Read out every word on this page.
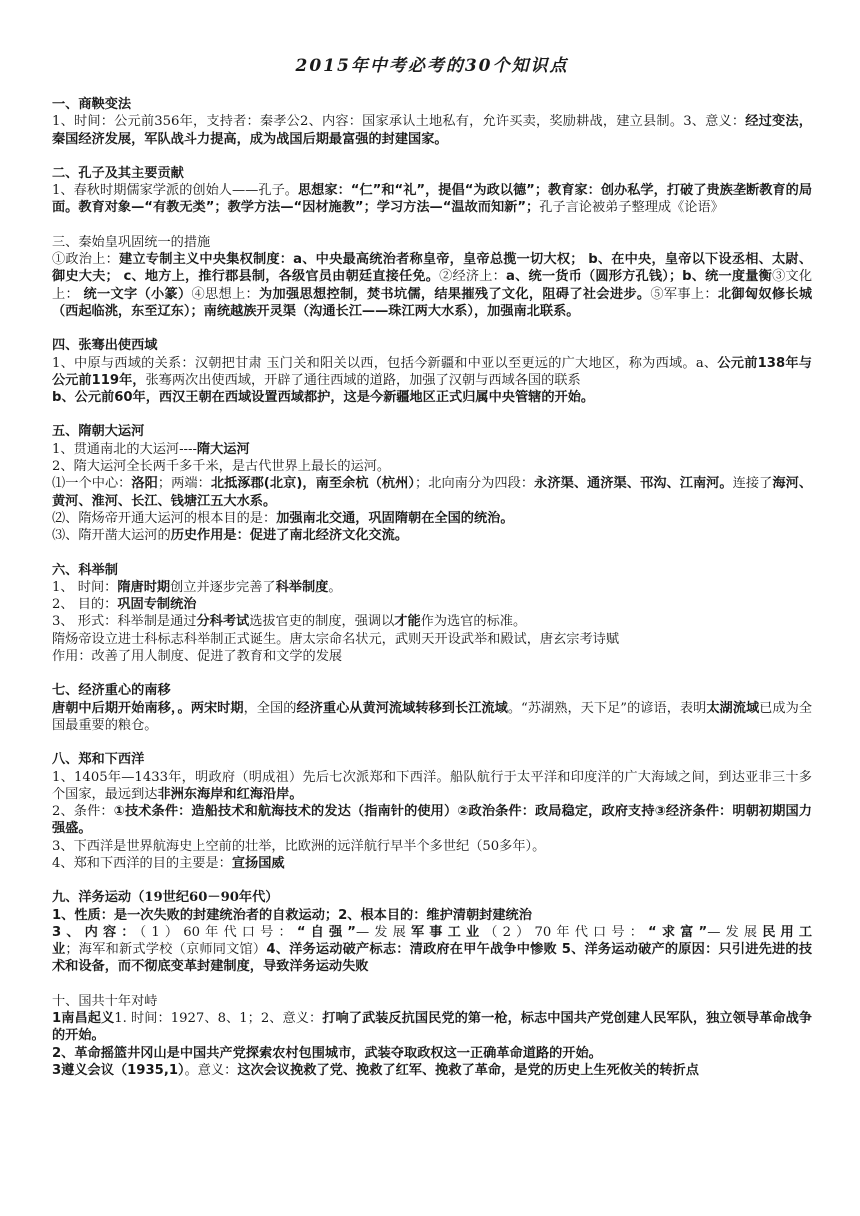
2015年中考必考的30个知识点
一、商鞅变法

1、时间：公元前356年，支持者：秦孝公2、内容：国家承认土地私有，允许买卖，奖励耕战，建立县制。3、意义：经过变法，秦国经济发展，军队战斗力提高，成为战国后期最富强的封建国家。

二、孔子及其主要贡献

1、春秋时期儒家学派的创始人——孔子。思想家：“仁”和“礼”，提倡“为政以德”；教育家：创办私学，打破了贵族垄断教育的局面。教育对象—“有教无类”；教学方法—“因材施教”；学习方法—“温故而知新”；孔子言论被弟子整理成《论语》

三、秦始皇巩固统一的措施

①政治上：建立专制主义中央集权制度：a、中央最高统治者称皇帝，皇帝总揽一切大权； b、在中央，皇帝以下设丞相、太尉、御史大夫； c、地方上，推行郡县制，各级官员由朝廷直接任免。②经济上：a、统一货币（圆形方孔钱）；b、统一度量衡③文化上： 统一文字（小篆）④思想上：为加强思想控制，焚书坑儒，结果摧残了文化，阻碍了社会进步。⑤军事上：北御匈奴修长城（西起临洮，东至辽东）；南统越族开灵渠（沟通长江——珠江两大水系），加强南北联系。

四、张骞出使西域

1、中原与西域的关系：汉朝把甘肃 玉门关和阳关以西，包括今新疆和中亚以至更远的广大地区，称为西域。a、公元前138年与公元前119年，张骞两次出使西域，开辟了通往西域的道路，加强了汉朝与西域各国的联系

b、公元前60年，西汉王朝在西域设置西域都护，这是今新疆地区正式归属中央管辖的开始。

五、隋朝大运河

1、贯通南北的大运河----隋大运河

2、隋大运河全长两千多千米，是古代世界上最长的运河。

⑴一个中心：洛阳；两端：北抵涿郡(北京)，南至余杭（杭州）；北向南分为四段：永济渠、通济渠、邗沟、江南河。连接了海河、黄河、淮河、长江、钱塘江五大水系。

⑵、隋炀帝开通大运河的根本目的是：加强南北交通，巩固隋朝在全国的统治。

⑶、隋开凿大运河的历史作用是：促进了南北经济文化交流。

六、科举制

1、 时间：隋唐时期创立并逐步完善了科举制度。

2、 目的：巩固专制统治

3、 形式：科举制是通过分科考试选拔官吏的制度，强调以才能作为选官的标准。

隋炀帝设立进士科标志科举制正式诞生。唐太宗命名状元，武则天开设武举和殿试，唐玄宗考诗赋

作用：改善了用人制度、促进了教育和文学的发展

七、经济重心的南移

唐朝中后期开始南移，。两宋时期，全国的经济重心从黄河流域转移到长江流域。“苏湖熟，天下足”的谚语，表明太湖流域已成为全国最重要的粮仓。

八、郑和下西洋

1、1405年—1433年，明政府（明成祖）先后七次派郑和下西洋。船队航行于太平洋和印度洋的广大海域之间，到达亚非三十多个国家，最远到达非洲东海岸和红海沿岸。

2、条件：①技术条件：造船技术和航海技术的发达（指南针的使用）②政治条件：政局稳定，政府支持③经济条件：明朝初期国力强盛。

3、下西洋是世界航海史上空前的壮举，比欧洲的远洋航行早半个多世纪（50多年）。

4、郑和下西洋的目的主要是：宣扬国威

九、洋务运动（19世纪60－90年代）

1、性质：是一次失败的封建统治者的自救运动；2、根本目的：维护清朝封建统治

3、内容：（1）60年代口号：“自强”—发展军事工业（2）70年代口号：“求富”—发展民用工业；海军和新式学校（京师同文馆）4、洋务运动破产标志：清政府在甲午战争中惨败 5、洋务运动破产的原因：只引进先进的技术和设备，而不彻底变革封建制度，导致洋务运动失败

十、国共十年对峙

1南昌起义1. 时间：1927、8、1；2、意义：打响了武装反抗国民党的第一枪，标志中国共产党创建人民军队，独立领导革命战争的开始。

2、革命摇篮井冈山是中国共产党探索农村包围城市，武装夺取政权这一正确革命道路的开始。

3遵义会议（1935,1）。意义：这次会议挽救了党、挽救了红军、挽救了革命，是党的历史上生死攸关的转折点
